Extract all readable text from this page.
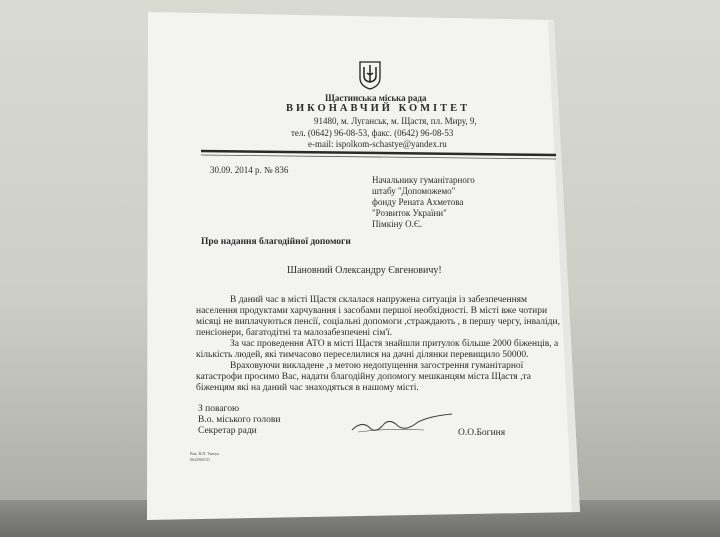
Щастинська міська рада
ВИКОНАВЧИЙ КОМІТЕТ
91480, м. Луганськ, м. Щастя, пл. Миру, 9,
тел. (0642) 96-08-53, факс. (0642) 96-08-53
e-mail: ispolkom-schastye@yandex.ru
30.09. 2014 р. № 836
Начальнику гуманітарного
штабу "Допоможемо"
фонду Рената Ахметова
"Розвиток України"
Пімкіну О.Є.
Про надання благодійної допомоги
Шановний Олександру Євгеновичу!
В даний час в місті Щастя склалася напружена ситуація із забезпеченням
населення продуктами харчування і засобами першої необхідності. В місті вже чотири
місяці не виплачуються пенсії, соціальні допомоги ,страждають , в першу чергу, інваліди,
пенсіонери, багатодітні та малозабезпечені сім'ї.
За час проведення АТО в місті Щастя знайшли притулок більше 2000 біженців, а
кількість людей, які тимчасово переселилися на дачні ділянки перевищило 50000.
Враховуючи викладене ,з метою недопущення загострення гуманітарної
катастрофи просимо Вас, надати благодійну допомогу мешканцям міста Щастя ,та
біженцям які на даний час знаходяться в нашому місті.
З повагою
В.о. міського голови
Секретар ради	О.О.Богиня
Вик. В.П. Ткачук
0642960131
